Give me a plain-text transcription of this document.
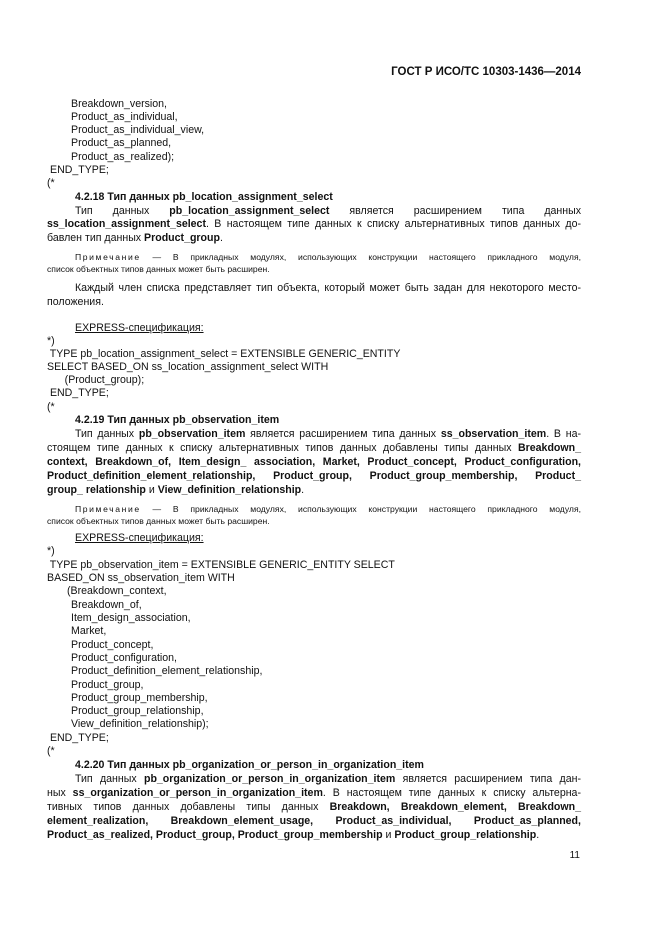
ГОСТ Р ИСО/ТС 10303-1436—2014
Breakdown_version,
Product_as_individual,
Product_as_individual_view,
Product_as_planned,
Product_as_realized);
END_TYPE;
(*
4.2.18 Тип данных pb_location_assignment_select
Тип данных pb_location_assignment_select является расширением типа данных
ss_location_assignment_select. В настоящем типе данных к списку альтернативных типов данных до-
бавлен тип данных Product_group.
Примечание — В прикладных модулях, использующих конструкции настоящего прикладного модуля,
список объектных типов данных может быть расширен.
Каждый член списка представляет тип объекта, который может быть задан для некоторого место-
положения.
EXPRESS-спецификация:
*)
TYPE pb_location_assignment_select = EXTENSIBLE GENERIC_ENTITY
SELECT BASED_ON ss_location_assignment_select WITH
(Product_group);
END_TYPE;
(*
4.2.19 Тип данных pb_observation_item
Тип данных pb_observation_item является расширением типа данных ss_observation_item. В на-
стоящем типе данных к списку альтернативных типов данных добавлены типы данных Breakdown_
context, Breakdown_of, Item_design_ association, Market, Product_concept, Product_configuration,
Product_definition_element_relationship, Product_group, Product_group_membership, Product_
group_ relationship и View_definition_relationship.
Примечание — В прикладных модулях, использующих конструкции настоящего прикладного модуля,
список объектных типов данных может быть расширен.
EXPRESS-спецификация:
*)
TYPE pb_observation_item = EXTENSIBLE GENERIC_ENTITY SELECT
BASED_ON ss_observation_item WITH
(Breakdown_context,
Breakdown_of,
Item_design_association,
Market,
Product_concept,
Product_configuration,
Product_definition_element_relationship,
Product_group,
Product_group_membership,
Product_group_relationship,
View_definition_relationship);
END_TYPE;
(*
4.2.20 Тип данных pb_organization_or_person_in_organization_item
Тип данных pb_organization_or_person_in_organization_item является расширением типа дан-
ных ss_organization_or_person_in_organization_item. В настоящем типе данных к списку альтерна-
тивных типов данных добавлены типы данных Breakdown, Breakdown_element, Breakdown_
element_realization, Breakdown_element_usage, Product_as_individual, Product_as_planned,
Product_as_realized, Product_group, Product_group_membership и Product_group_relationship.
11
